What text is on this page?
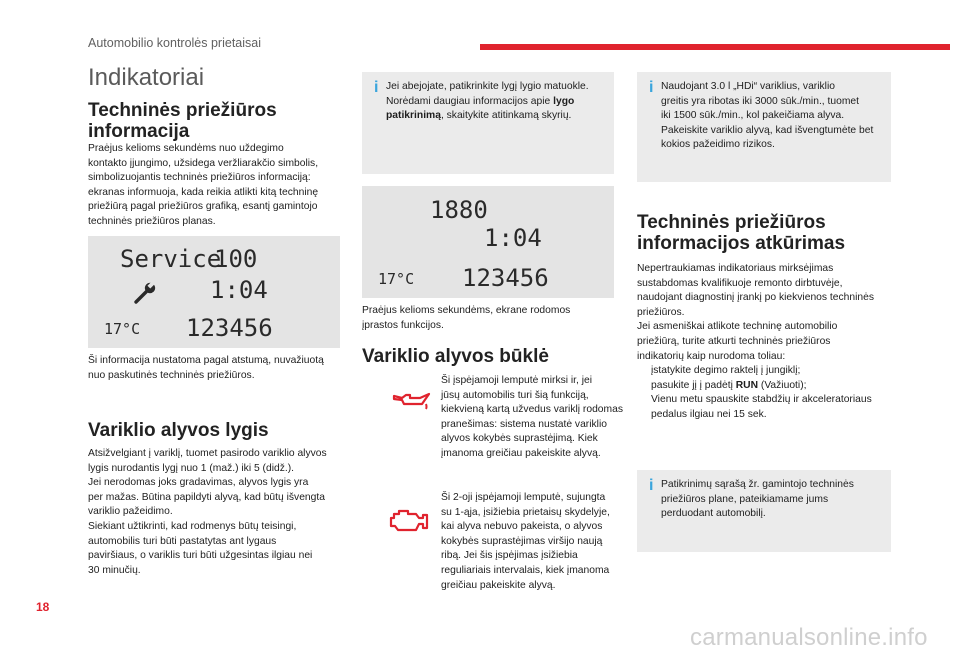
Automobilio kontrolės prietaisai
Indikatoriai
Techninės priežiūros
informacija
Praėjus kelioms sekundėms nuo uždegimo
kontakto įjungimo, užsidega veržliarakčio simbolis,
simbolizuojantis techninės priežiūros informaciją:
ekranas informuoja, kada reikia atlikti kitą techninę
priežiūrą pagal priežiūros grafiką, esantį gamintojo
techninės priežiūros planas.
Service
100
1:04
17°C 123456
Ši informacija nustatoma pagal atstumą, nuvažiuotą
nuo paskutinės techninės priežiūros.
Variklio alyvos lygis
Atsižvelgiant į variklį, tuomet pasirodo variklio alyvos
lygis nurodantis lygį nuo 1 (maž.) iki 5 (didž.).
Jei nerodomas joks gradavimas, alyvos lygis yra
per mažas. Būtina papildyti alyvą, kad būtų išvengta
variklio pažeidimo.
Siekiant užtikrinti, kad rodmenys būtų teisingi,
automobilis turi būti pastatytas ant lygaus
paviršiaus, o variklis turi būti užgesintas ilgiau nei
30 minučių.
i Jei abejojate, patikrinkite lygį lygio matuokle.
Norėdami daugiau informacijos apie lygo
patikrinimą, skaitykite atitinkamą skyrių.
1880
1:04
17°C 123456
Praėjus kelioms sekundėms, ekrane rodomos
įprastos funkcijos.
Variklio alyvos būklė
Ši įspėjamoji lemputė mirksi ir, jei
jūsų automobilis turi šią funkciją,
kiekvieną kartą užvedus variklį rodomas
pranešimas: sistema nustatė variklio
alyvos kokybės suprastėjimą. Kiek
įmanoma greičiau pakeiskite alyvą.
Ši 2-oji įspėjamoji lemputė, sujungta
su 1-ąja, įsižiebia prietaisų skydelyje,
kai alyva nebuvo pakeista, o alyvos
kokybės suprastėjimas viršijo naują
ribą. Jei šis įspėjimas įsižiebia
reguliariais intervalais, kiek įmanoma
greičiau pakeiskite alyvą.
i Naudojant 3.0 l „HDi“ variklius, variklio
greitis yra ribotas iki 3000 sūk./min., tuomet
iki 1500 sūk./min., kol pakeičiama alyva.
Pakeiskite variklio alyvą, kad išvengtumėte bet
kokios pažeidimo rizikos.
Techninės priežiūros
informacijos atkūrimas
Nepertraukiamas indikatoriaus mirksėjimas
sustabdomas kvalifikuoje remonto dirbtuvėje,
naudojant diagnostinį įrankį po kiekvienos techninės
priežiūros.
Jei asmeniškai atlikote techninę automobilio
priežiūrą, turite atkurti techninės priežiūros
indikatorių kaip nurodoma toliau:
įstatykite degimo raktelį į jungiklį;
pasukite jį į padėtį RUN (Važiuoti);
Vienu metu spauskite stabdžių ir akceleratoriaus
pedalus ilgiau nei 15 sek.
i Patikrinimų sąrašą žr. gamintojo techninės
priežiūros plane, pateikiamame jums
perduodant automobilį.
18
carmanualsonline.info
